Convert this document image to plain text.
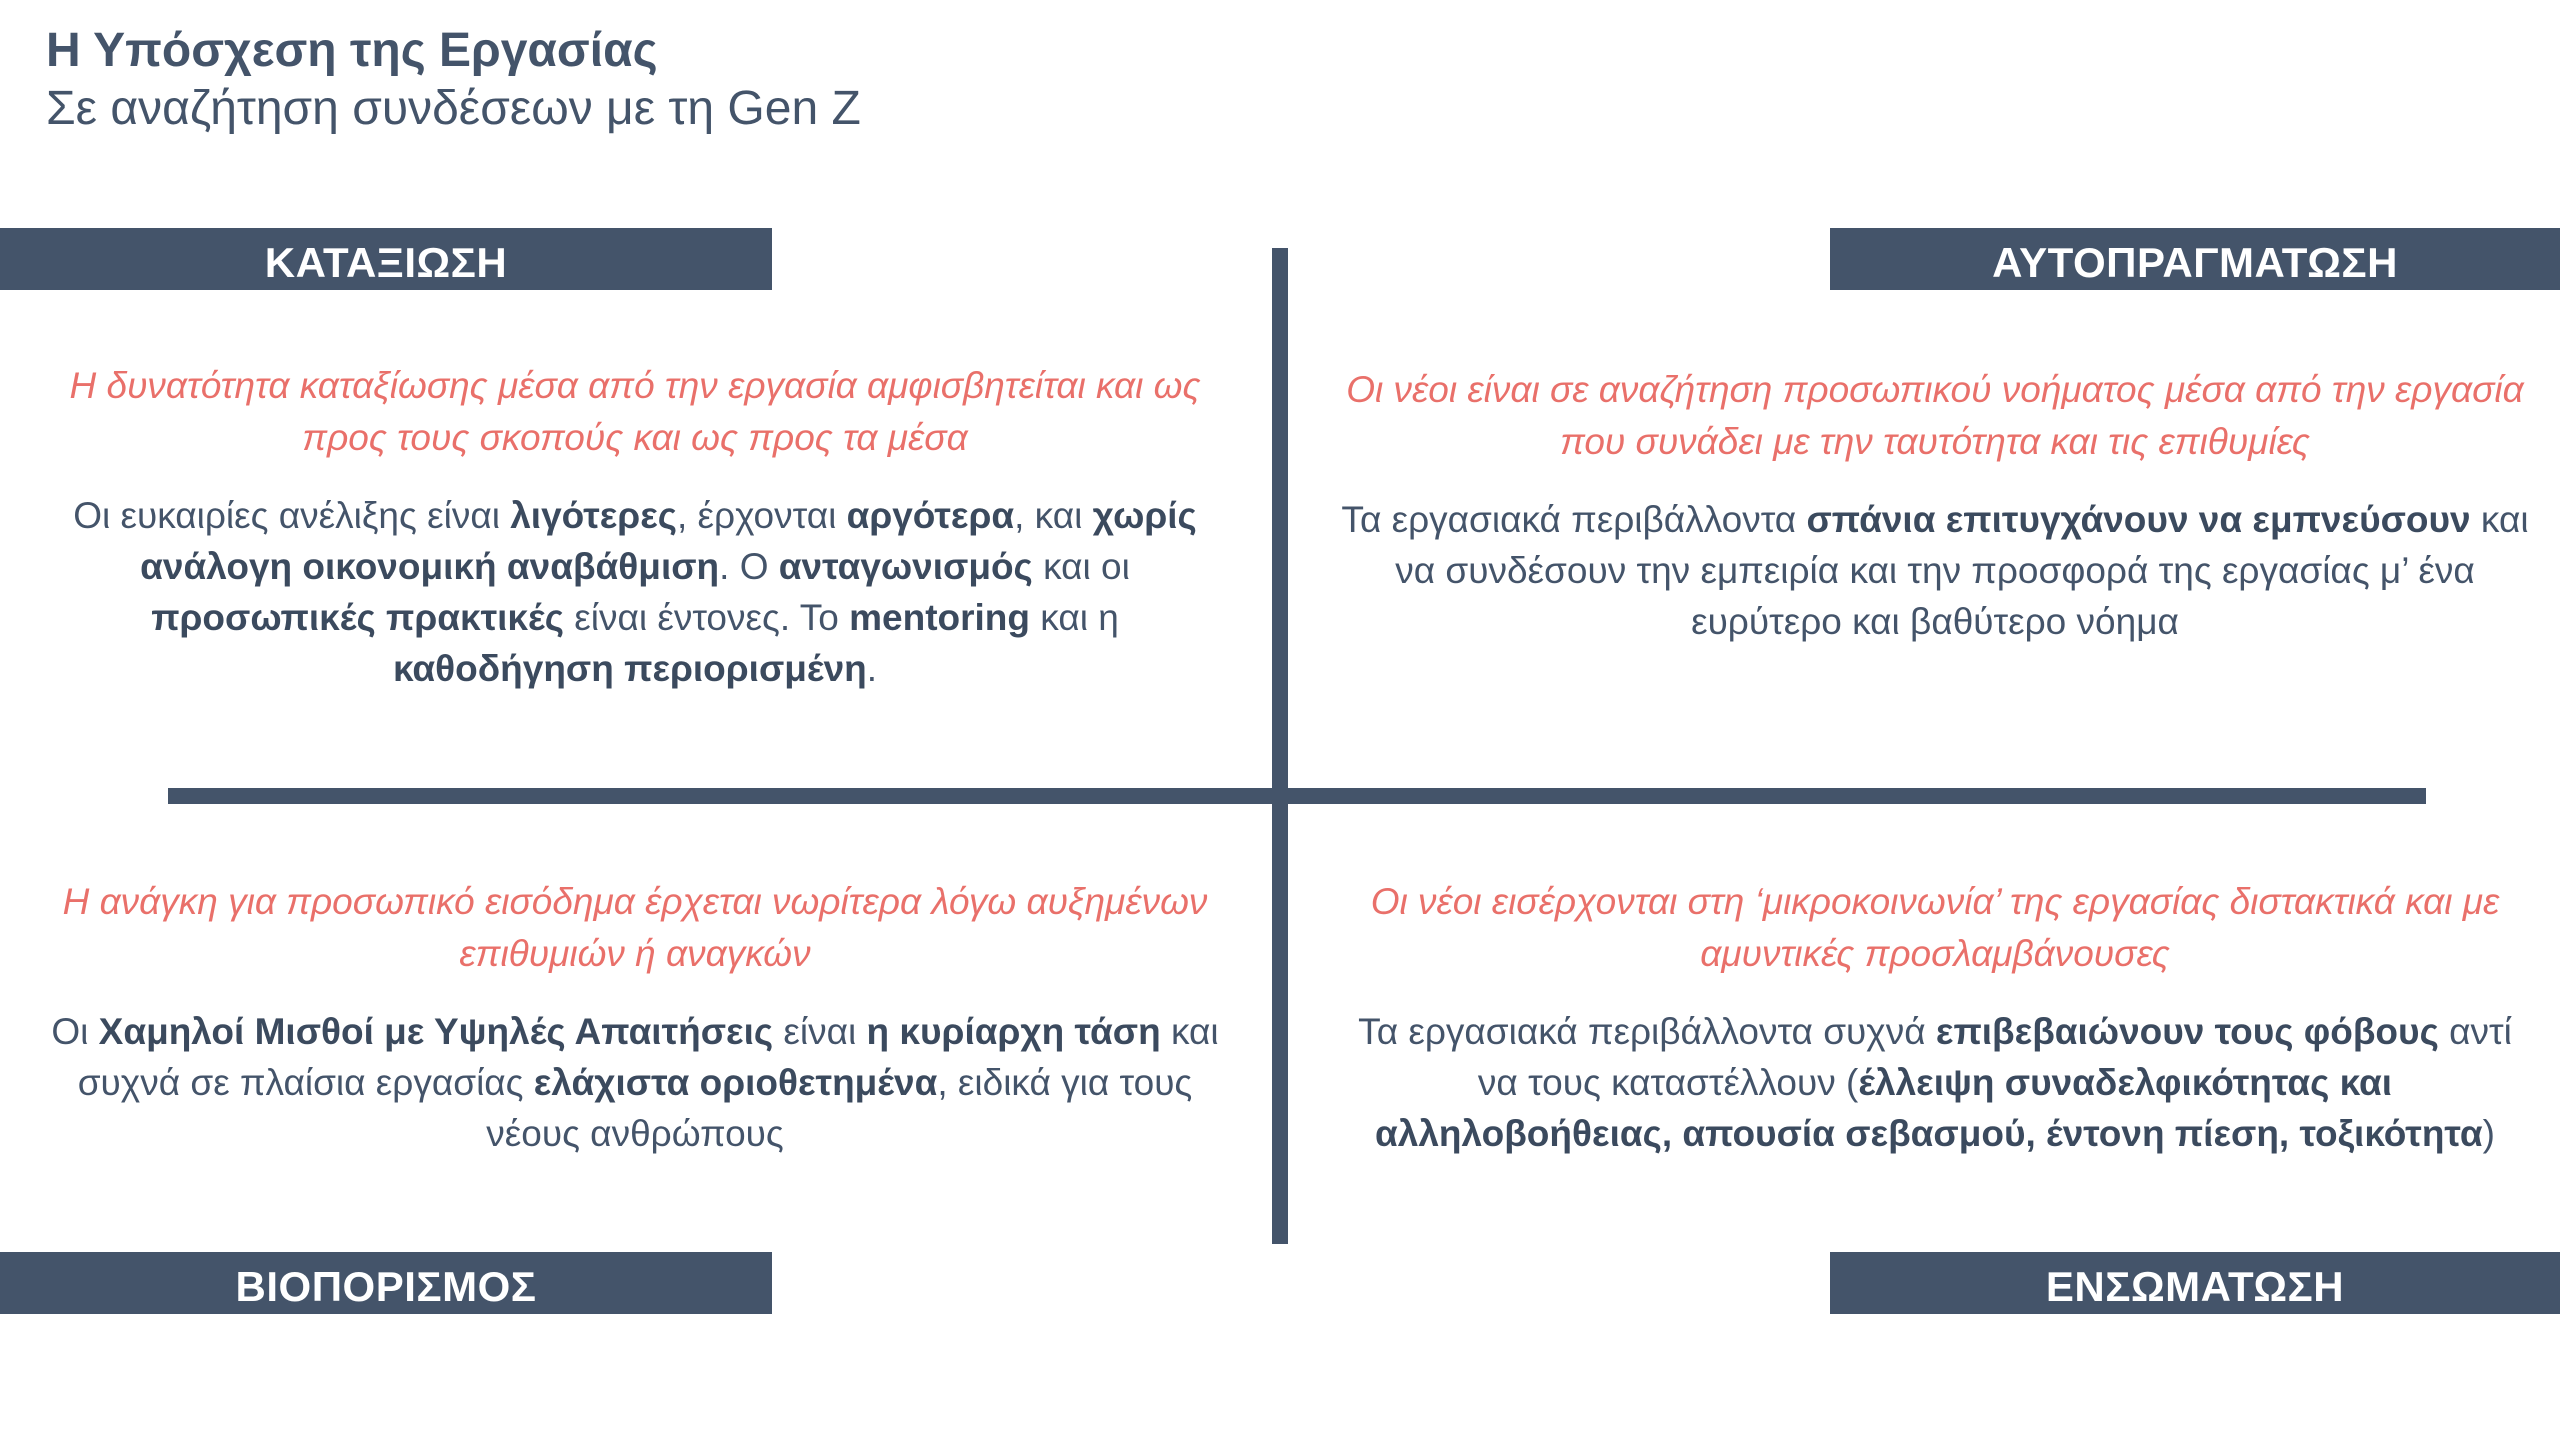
Η Υπόσχεση της Εργασίας
Σε αναζήτηση συνδέσεων με τη Gen Z
ΚΑΤΑΞΙΩΣΗ	ΑΥΤΟΠΡΑΓΜΑΤΩΣΗ
ΒΙΟΠΟΡΙΣΜΟΣ	ΕΝΣΩΜΑΤΩΣΗ

Η δυνατότητα καταξίωσης μέσα από την εργασία αμφισβητείται και ως προς τους σκοπούς και ως προς τα μέσα

Οι ευκαιρίες ανέλιξης είναι λιγότερες, έρχονται αργότερα, και χωρίς ανάλογη οικονομική αναβάθμιση. Ο ανταγωνισμός και οι προσωπικές πρακτικές είναι έντονες. Το mentoring και η καθοδήγηση περιορισμένη.

Οι νέοι είναι σε αναζήτηση προσωπικού νοήματος μέσα από την εργασία που συνάδει με την ταυτότητα και τις επιθυμίες

Τα εργασιακά περιβάλλοντα σπάνια επιτυγχάνουν να εμπνεύσουν και να συνδέσουν την εμπειρία και την προσφορά της εργασίας μ’ ένα ευρύτερο και βαθύτερο νόημα

Η ανάγκη για προσωπικό εισόδημα έρχεται νωρίτερα λόγω αυξημένων επιθυμιών ή αναγκών

Οι Χαμηλοί Μισθοί με Υψηλές Απαιτήσεις είναι η κυρίαρχη τάση και συχνά σε πλαίσια εργασίας ελάχιστα οριοθετημένα, ειδικά για τους νέους ανθρώπους

Οι νέοι εισέρχονται στη ‘μικροκοινωνία’ της εργασίας διστακτικά και με αμυντικές προσλαμβάνουσες

Τα εργασιακά περιβάλλοντα συχνά επιβεβαιώνουν τους φόβους αντί να τους καταστέλλουν (έλλειψη συναδελφικότητας και αλληλοβοήθειας, απουσία σεβασμού, έντονη πίεση, τοξικότητα)
